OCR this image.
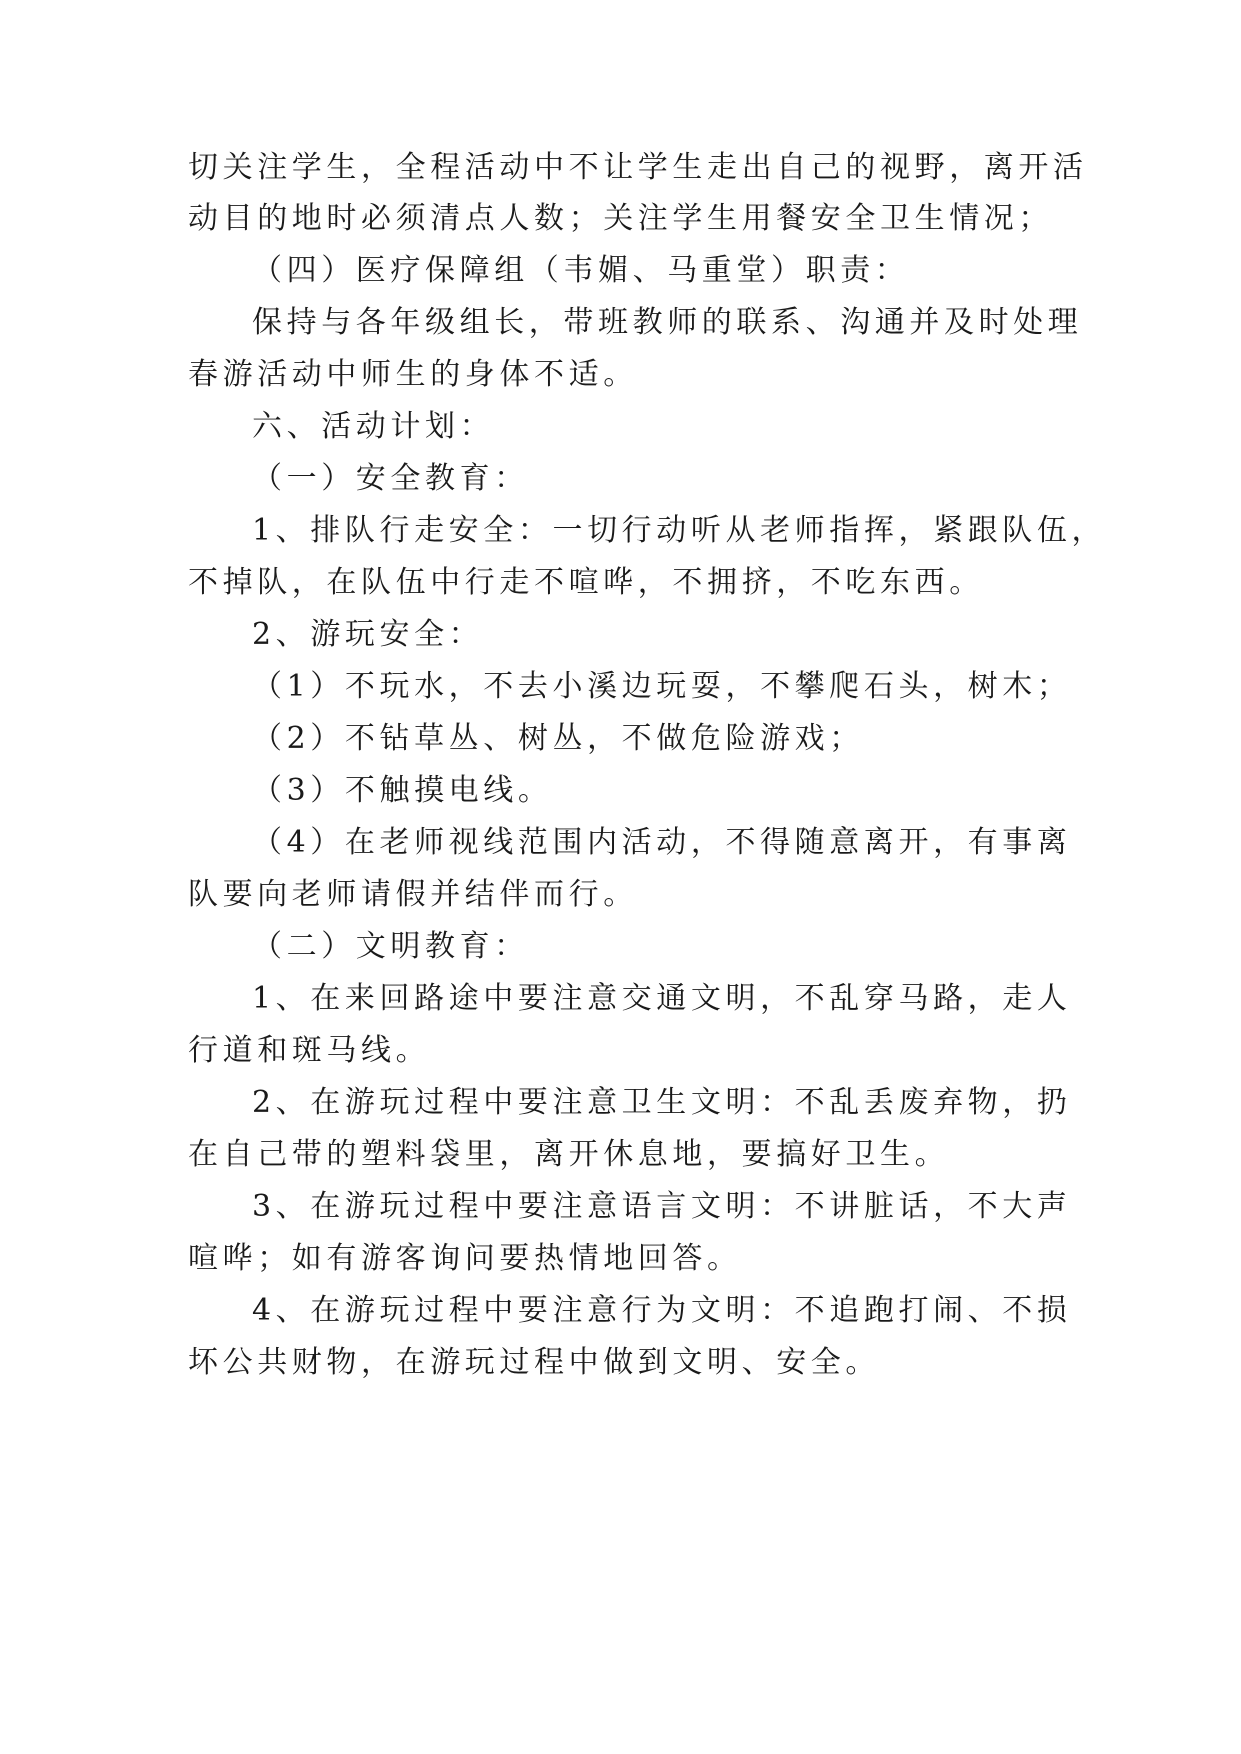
切关注学生，全程活动中不让学生走出自己的视野，离开活
动目的地时必须清点人数；关注学生用餐安全卫生情况；
（四）医疗保障组（韦媚、马重堂）职责：
保持与各年级组长，带班教师的联系、沟通并及时处理
春游活动中师生的身体不适。
六、活动计划：
（一）安全教育：
1、排队行走安全：一切行动听从老师指挥，紧跟队伍，
不掉队，在队伍中行走不喧哗，不拥挤，不吃东西。
2、游玩安全：
（1）不玩水，不去小溪边玩耍，不攀爬石头，树木；
（2）不钻草丛、树丛，不做危险游戏；
（3）不触摸电线。
（4）在老师视线范围内活动，不得随意离开，有事离
队要向老师请假并结伴而行。
（二）文明教育：
1、在来回路途中要注意交通文明，不乱穿马路，走人
行道和斑马线。
2、在游玩过程中要注意卫生文明：不乱丢废弃物，扔
在自己带的塑料袋里，离开休息地，要搞好卫生。
3、在游玩过程中要注意语言文明：不讲脏话，不大声
喧哗；如有游客询问要热情地回答。
4、在游玩过程中要注意行为文明：不追跑打闹、不损
坏公共财物，在游玩过程中做到文明、安全。
